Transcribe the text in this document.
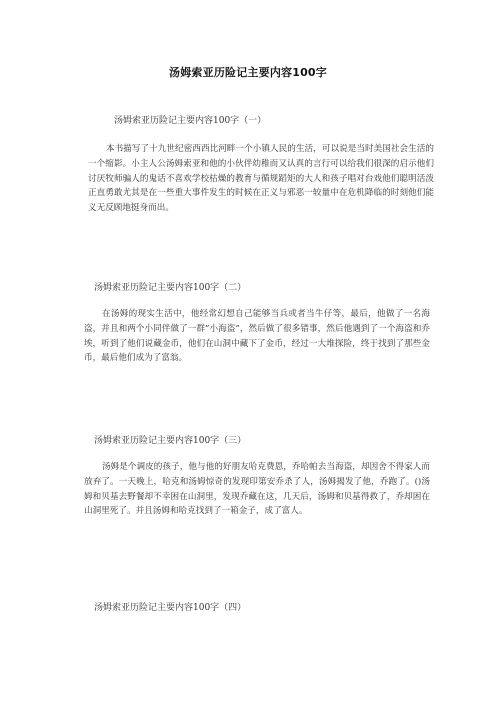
汤姆索亚历险记主要内容100字

汤姆索亚历险记主要内容100字（一）

本书描写了十九世纪密西西比河畔一个小镇人民的生活，可以说是当时美国社会生活的一个缩影。小主人公汤姆索亚和他的小伙伴幼稚而又认真的言行可以给我们很深的启示他们讨厌牧师骗人的鬼话不喜欢学校枯燥的教育与循规蹈矩的大人和孩子唱对台戏他们聪明活泼正直勇敢尤其是在一些重大事件发生的时候在正义与邪恶一较量中在危机降临的时刻他们能义无反顾地挺身而出。

汤姆索亚历险记主要内容100字（二）

在汤姆的现实生活中，他经常幻想自己能够当兵或者当牛仔等，最后，他做了一名海盗，并且和两个小同伴做了一群”小海盗”，然后做了很多错事，然后他遇到了一个海盗和乔埃，听到了他们说藏金币，他们在山洞中藏下了金币，经过一大堆探险，终于找到了那些金币，最后他们成为了富翁。

汤姆索亚历险记主要内容100字（三）

汤姆是个调皮的孩子，他与他的好朋友哈克费恩，乔哈帕去当海盗，却因舍不得家人而放弃了。一天晚上，哈克和汤姆惊奇的发现印第安乔杀了人，汤姆揭发了他，乔跑了。()汤姆和贝基去野餐却不幸困在山洞里，发现乔藏在这，几天后，汤姆和贝基得救了，乔却困在山洞里死了。并且汤姆和哈克找到了一箱金子，成了富人。

汤姆索亚历险记主要内容100字（四）
